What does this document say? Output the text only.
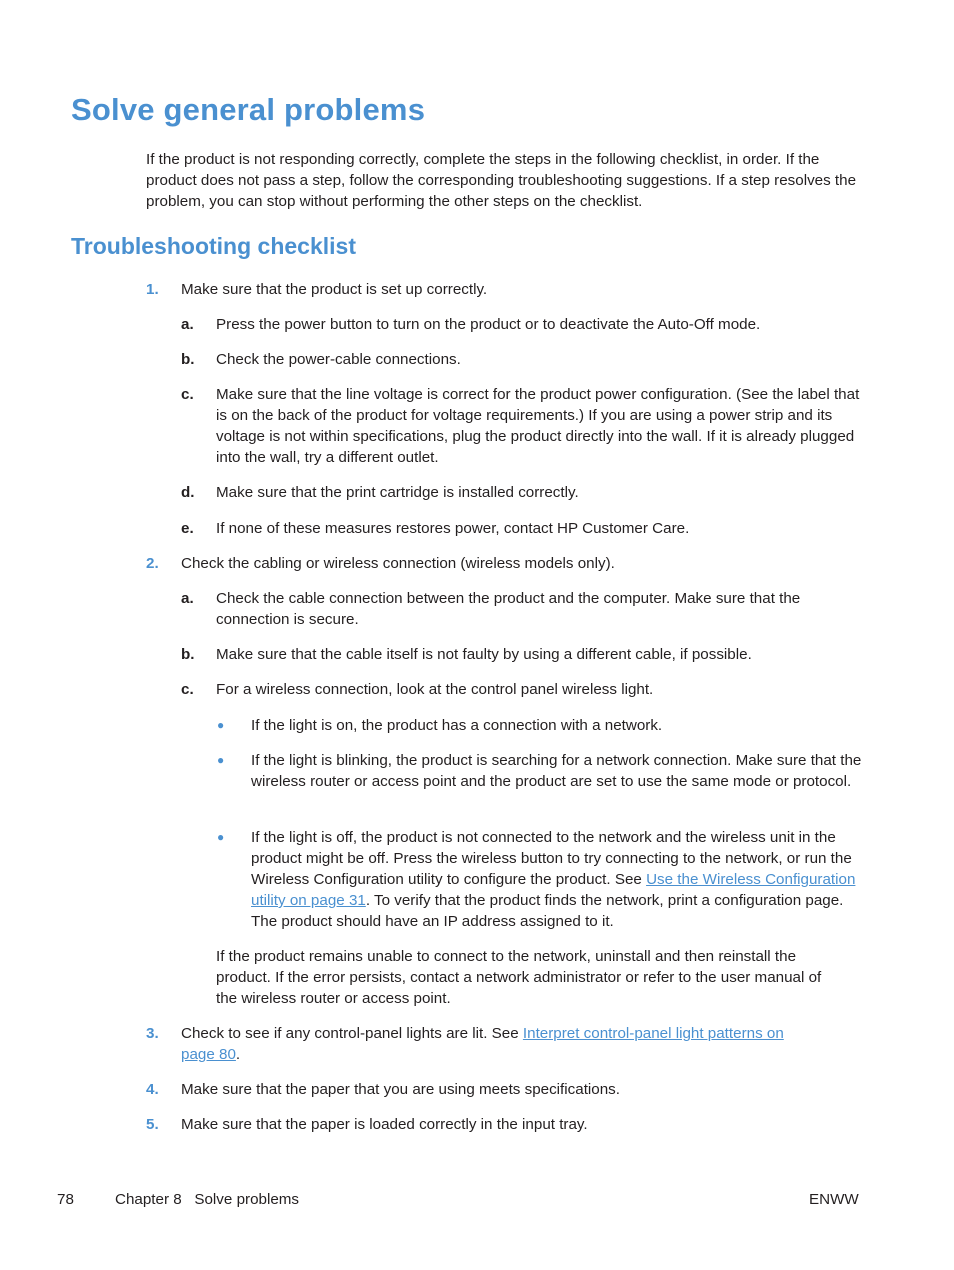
Solve general problems

If the product is not responding correctly, complete the steps in the following checklist, in order. If the product does not pass a step, follow the corresponding troubleshooting suggestions. If a step resolves the problem, you can stop without performing the other steps on the checklist.

Troubleshooting checklist
1.	Make sure that the product is set up correctly.
a.	Press the power button to turn on the product or to deactivate the Auto-Off mode.
b.	Check the power-cable connections.
c.	Make sure that the line voltage is correct for the product power configuration. (See the label that is on the back of the product for voltage requirements.) If you are using a power strip and its voltage is not within specifications, plug the product directly into the wall. If it is already plugged into the wall, try a different outlet.
d.	Make sure that the print cartridge is installed correctly.
e.	If none of these measures restores power, contact HP Customer Care.
2.	Check the cabling or wireless connection (wireless models only).
a.	Check the cable connection between the product and the computer. Make sure that the connection is secure.
b.	Make sure that the cable itself is not faulty by using a different cable, if possible.
c.	For a wireless connection, look at the control panel wireless light.
● If the light is on, the product has a connection with a network.
● If the light is blinking, the product is searching for a network connection. Make sure that the wireless router or access point and the product are set to use the same mode or protocol.
● If the light is off, the product is not connected to the network and the wireless unit in the product might be off. Press the wireless button to try connecting to the network, or run the Wireless Configuration utility to configure the product. See Use the Wireless Configuration utility on page 31. To verify that the product finds the network, print a configuration page. The product should have an IP address assigned to it.
If the product remains unable to connect to the network, uninstall and then reinstall the product. If the error persists, contact a network administrator or refer to the user manual of the wireless router or access point.
3.	Check to see if any control-panel lights are lit. See Interpret control-panel light patterns on page 80.
4.	Make sure that the paper that you are using meets specifications.
5.	Make sure that the paper is loaded correctly in the input tray.
78	Chapter 8   Solve problems	ENWW
